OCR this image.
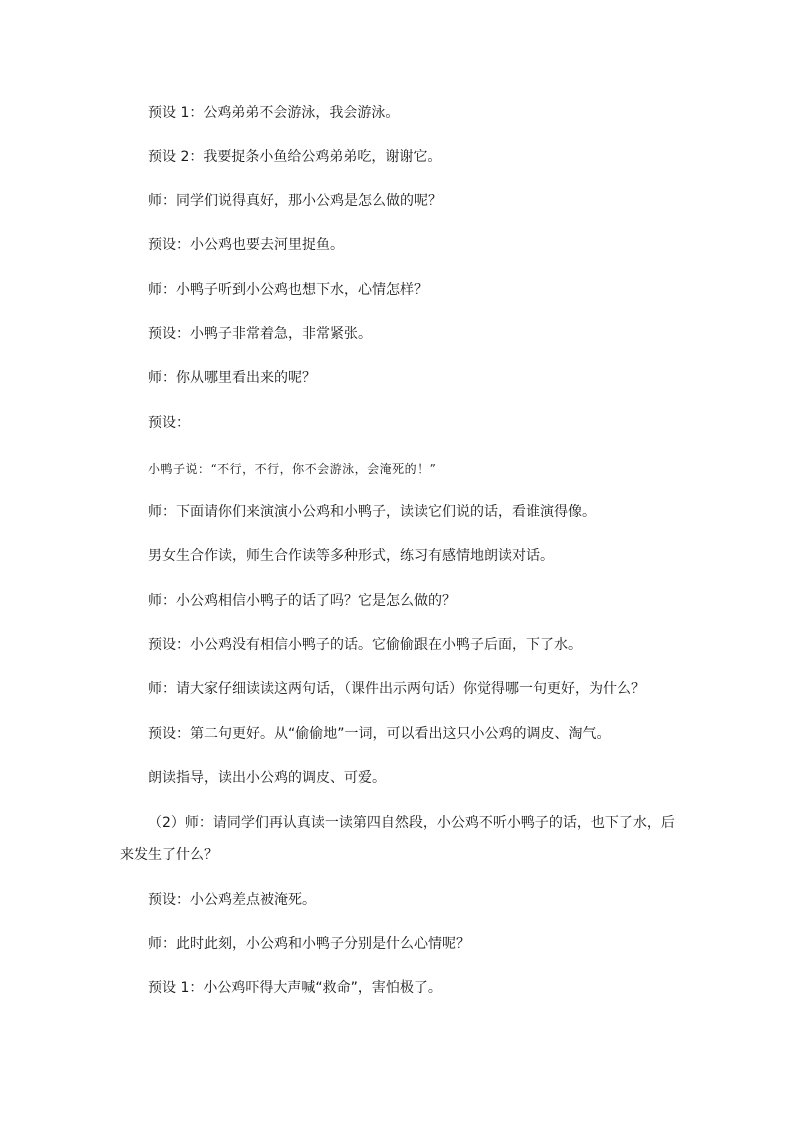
预设 1：公鸡弟弟不会游泳，我会游泳。
预设 2：我要捉条小鱼给公鸡弟弟吃，谢谢它。
师：同学们说得真好，那小公鸡是怎么做的呢？
预设：小公鸡也要去河里捉鱼。
师：小鸭子听到小公鸡也想下水，心情怎样？
预设：小鸭子非常着急，非常紧张。
师：你从哪里看出来的呢？
预设：
小鸭子说：“不行，不行，你不会游泳，会淹死的！”
师：下面请你们来演演小公鸡和小鸭子，读读它们说的话，看谁演得像。
男女生合作读，师生合作读等多种形式，练习有感情地朗读对话。
师：小公鸡相信小鸭子的话了吗？它是怎么做的？
预设：小公鸡没有相信小鸭子的话。它偷偷跟在小鸭子后面，下了水。
师：请大家仔细读读这两句话，（课件出示两句话）你觉得哪一句更好，为什么？
预设：第二句更好。从“偷偷地”一词，可以看出这只小公鸡的调皮、淘气。
朗读指导，读出小公鸡的调皮、可爱。
（2）师：请同学们再认真读一读第四自然段，小公鸡不听小鸭子的话，也下了水，后
来发生了什么？
预设：小公鸡差点被淹死。
师：此时此刻，小公鸡和小鸭子分别是什么心情呢？
预设 1：小公鸡吓得大声喊“救命”，害怕极了。
